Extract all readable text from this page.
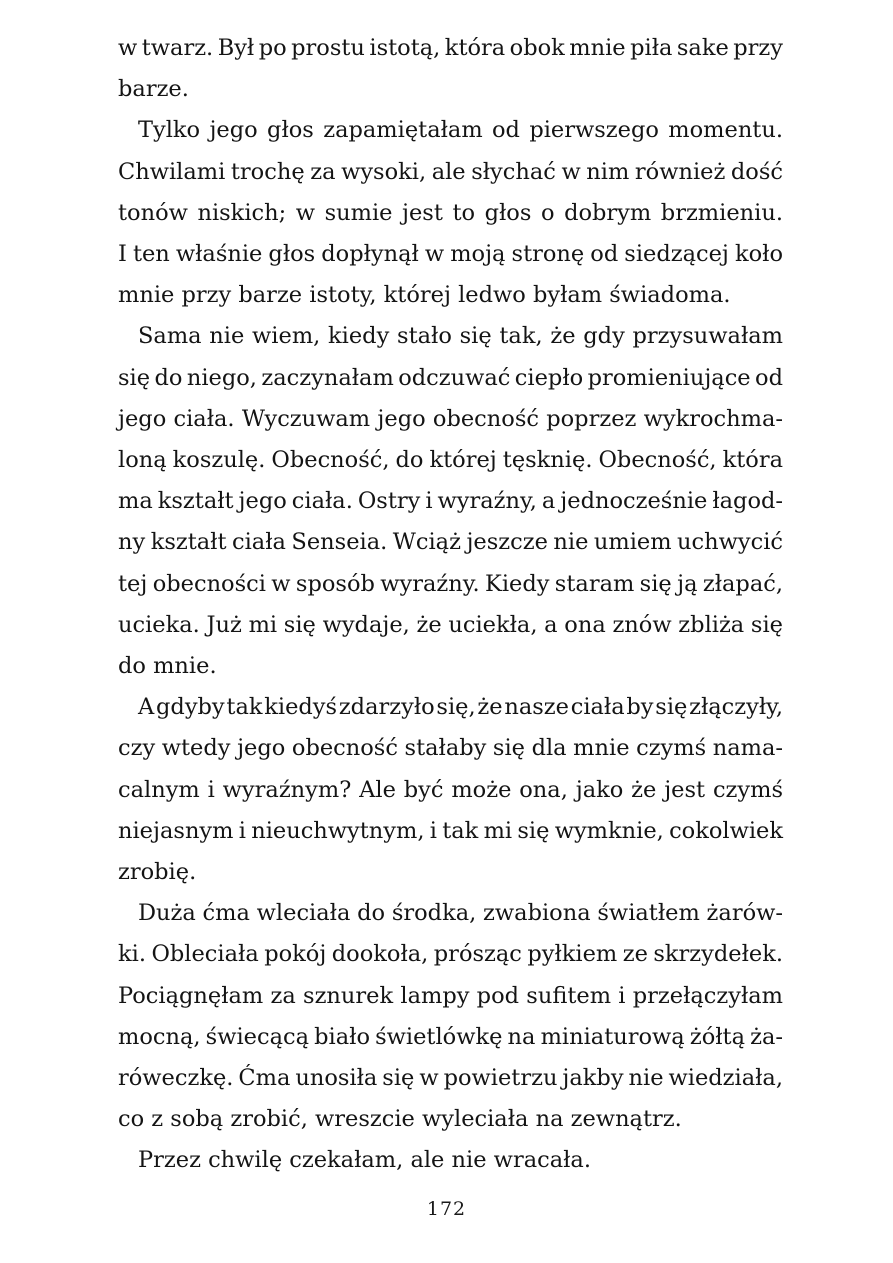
w twarz. Był po prostu istotą, która obok mnie piła sake przy
barze.
Tylko jego głos zapamiętałam od pierwszego momentu.
Chwilami trochę za wysoki, ale słychać w nim również dość
tonów niskich; w sumie jest to głos o dobrym brzmieniu.
I ten właśnie głos dopłynął w moją stronę od siedzącej koło
mnie przy barze istoty, której ledwo byłam świadoma.
Sama nie wiem, kiedy stało się tak, że gdy przysuwałam
się do niego, zaczynałam odczuwać ciepło promieniujące od
jego ciała. Wyczuwam jego obecność poprzez wykrochma-
loną koszulę. Obecność, do której tęsknię. Obecność, która
ma kształt jego ciała. Ostry i wyraźny, a jednocześnie łagod-
ny kształt ciała Senseia. Wciąż jeszcze nie umiem uchwycić
tej obecności w sposób wyraźny. Kiedy staram się ją złapać,
ucieka. Już mi się wydaje, że uciekła, a ona znów zbliża się
do mnie.
A gdyby tak kiedyś zdarzyło się, że nasze ciała by się złączyły,
czy wtedy jego obecność stałaby się dla mnie czymś nama-
calnym i wyraźnym? Ale być może ona, jako że jest czymś
niejasnym i nieuchwytnym, i tak mi się wymknie, cokolwiek
zrobię.
Duża ćma wleciała do środka, zwabiona światłem żarów-
ki. Obleciała pokój dookoła, prósząc pyłkiem ze skrzydełek.
Pociągnęłam za sznurek lampy pod sufitem i przełączyłam
mocną, świecącą biało świetlówkę na miniaturową żółtą ża-
róweczkę. Ćma unosiła się w powietrzu jakby nie wiedziała,
co z sobą zrobić, wreszcie wyleciała na zewnątrz.
Przez chwilę czekałam, ale nie wracała.
172
